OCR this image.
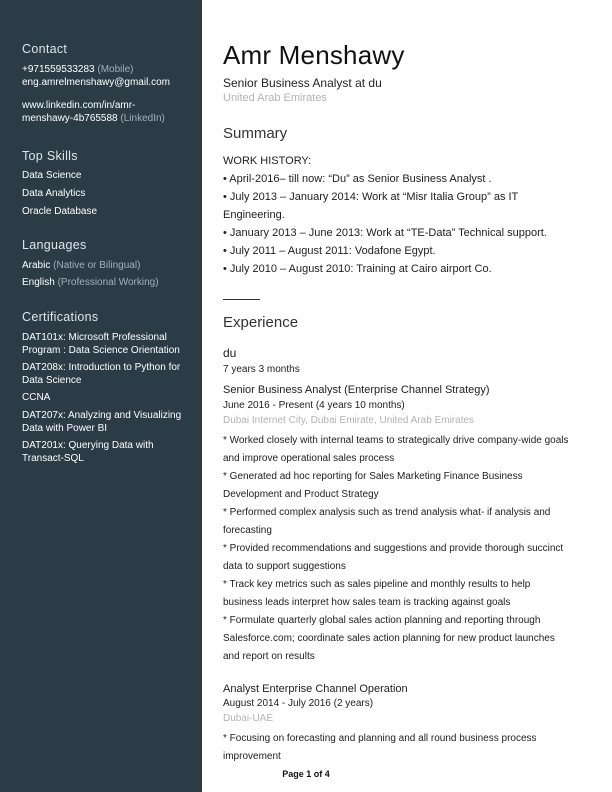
Contact
+971559533283 (Mobile)
eng.amrelmenshawy@gmail.com
www.linkedin.com/in/amr-
menshawy-4b765588 (LinkedIn)
Top Skills
Data Science
Data Analytics
Oracle Database
Languages
Arabic (Native or Bilingual)
English (Professional Working)
Certifications
DAT101x: Microsoft Professional
Program : Data Science Orientation
DAT208x: Introduction to Python for
Data Science
CCNA
DAT207x: Analyzing and Visualizing
Data with Power BI
DAT201x: Querying Data with
Transact-SQL
Amr Menshawy
Senior Business Analyst at du
United Arab Emirates
Summary
WORK HISTORY:
• April-2016– till now: “Du” as Senior Business Analyst .
• July 2013 – January 2014: Work at “Misr Italia Group” as IT
Engineering.
• January 2013 – June 2013: Work at “TE-Data” Technical support.
• July 2011 – August 2011: Vodafone Egypt.
• July 2010 – August 2010: Training at Cairo airport Co.
Experience
du
7 years 3 months
Senior Business Analyst (Enterprise Channel Strategy)
June 2016 - Present (4 years 10 months)
Dubai Internet City, Dubai Emirate, United Arab Emirates
* Worked closely with internal teams to strategically drive company-wide goals
and improve operational sales process
* Generated ad hoc reporting for Sales Marketing Finance Business
Development and Product Strategy
* Performed complex analysis such as trend analysis what- if analysis and
forecasting
* Provided recommendations and suggestions and provide thorough succinct
data to support suggestions
* Track key metrics such as sales pipeline and monthly results to help
business leads interpret how sales team is tracking against goals
* Formulate quarterly global sales action planning and reporting through
Salesforce.com; coordinate sales action planning for new product launches
and report on results
Analyst Enterprise Channel Operation
August 2014 - July 2016 (2 years)
Dubai-UAE
* Focusing on forecasting and planning and all round business process
improvement
Page 1 of 4
